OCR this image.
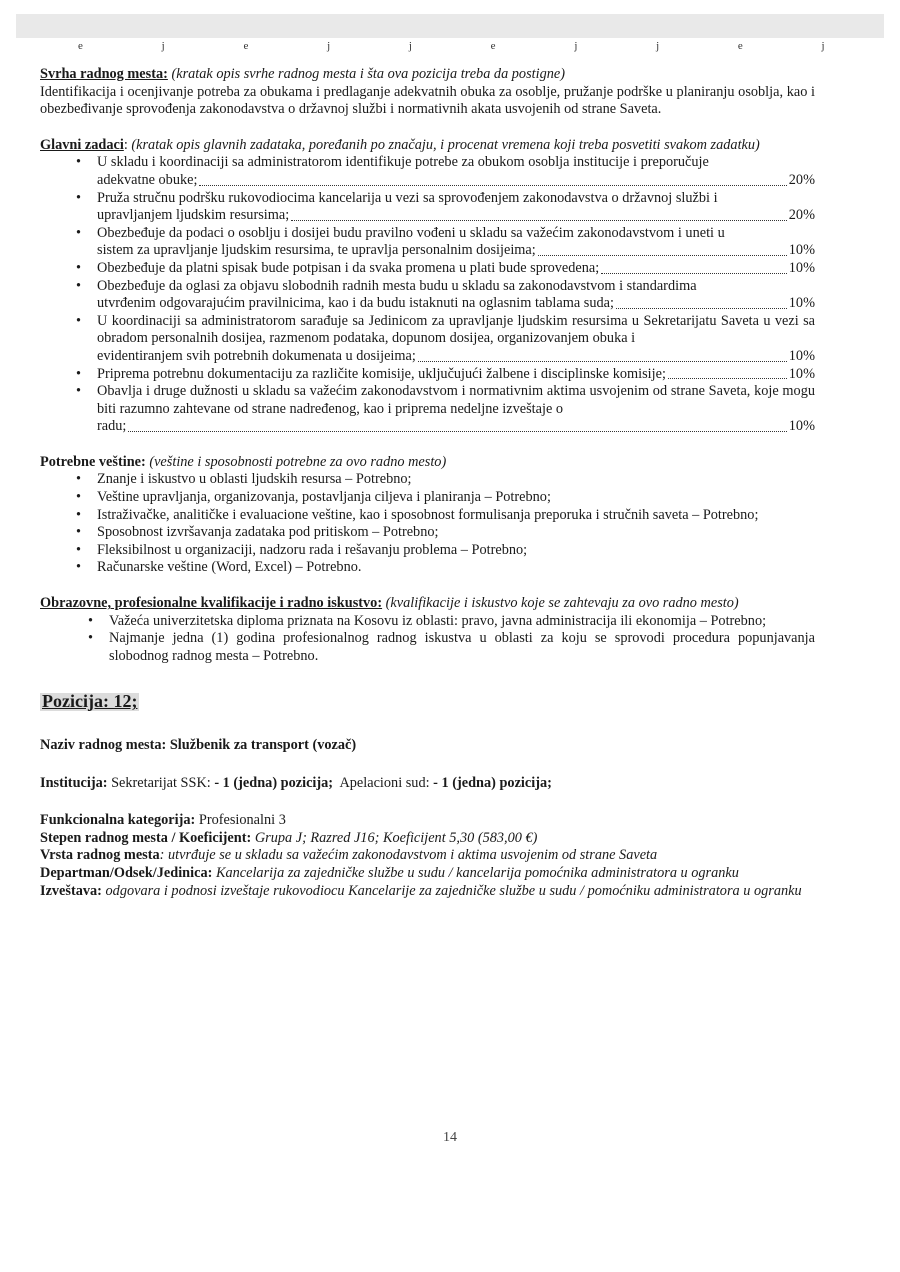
e j e j j e j j e j

Svrha radnog mesta: (kratak opis svrhe radnog mesta i šta ova pozicija treba da postigne)

Identifikacija i ocenjivanje potreba za obukama i predlaganje adekvatnih obuka za osoblje, pružanje podrške u planiranju osoblja, kao i obezbeđivanje sprovođenja zakonodavstva o državnoj službi i normativnih akata usvojenih od strane Saveta.

Glavni zadaci: (kratak opis glavnih zadataka, poređanih po značaju, i procenat vremena koji treba posvetiti svakom zadatku)

• U skladu i koordinaciji sa administratorom identifikuje potrebe za obukom osoblja institucije i preporučuje
adekvatne obuke;	20%
• Pruža stručnu podršku rukovodiocima kancelarija u vezi sa sprovođenjem zakonodavstva o državnoj službi i
upravljanjem ljudskim resursima;	20%
• Obezbeđuje da podaci o osoblju i dosijei budu pravilno vođeni u skladu sa važećim zakonodavstvom i uneti u
sistem za upravljanje ljudskim resursima, te upravlja personalnim dosijeima;	10%
• Obezbeđuje da platni spisak bude potpisan i da svaka promena u plati bude sprovedena;	10%
• Obezbeđuje da oglasi za objavu slobodnih radnih mesta budu u skladu sa zakonodavstvom i standardima
utvrđenim odgovarajućim pravilnicima, kao i da budu istaknuti na oglasnim tablama suda;	10%
• U koordinaciji sa administratorom sarađuje sa Jedinicom za upravljanje ljudskim resursima u Sekretarijatu Saveta u vezi sa obradom personalnih dosijea, razmenom podataka, dopunom dosijea, organizovanjem obuka i
evidentiranjem svih potrebnih dokumenata u dosijeima;	10%
• Priprema potrebnu dokumentaciju za različite komisije, uključujući žalbene i disciplinske komisije;	10%
• Obavlja i druge dužnosti u skladu sa važećim zakonodavstvom i normativnim aktima usvojenim od strane Saveta, koje mogu biti razumno zahtevane od strane nadređenog, kao i priprema nedeljne izveštaje o
radu;	10%

Potrebne veštine: (veštine i sposobnosti potrebne za ovo radno mesto)

• Znanje i iskustvo u oblasti ljudskih resursa – Potrebno;
• Veštine upravljanja, organizovanja, postavljanja ciljeva i planiranja – Potrebno;
• Istraživačke, analitičke i evaluacione veštine, kao i sposobnost formulisanja preporuka i stručnih saveta – Potrebno;
• Sposobnost izvršavanja zadataka pod pritiskom – Potrebno;
• Fleksibilnost u organizaciji, nadzoru rada i rešavanju problema – Potrebno;
• Računarske veštine (Word, Excel) – Potrebno.

Obrazovne, profesionalne kvalifikacije i radno iskustvo: (kvalifikacije i iskustvo koje se zahtevaju za ovo radno mesto)

• Važeća univerzitetska diploma priznata na Kosovu iz oblasti: pravo, javna administracija ili ekonomija – Potrebno;
• Najmanje jedna (1) godina profesionalnog radnog iskustva u oblasti za koju se sprovodi procedura popunjavanja slobodnog radnog mesta – Potrebno.
Pozicija: 12;

Naziv radnog mesta: Službenik za transport (vozač)

Institucija: Sekretarijat SSK: - 1 (jedna) pozicija; Apelacioni sud: - 1 (jedna) pozicija;

Funkcionalna kategorija: Profesionalni 3

Stepen radnog mesta / Koeficijent: Grupa J; Razred J16; Koeficijent 5,30 (583,00 €)

Vrsta radnog mesta: utvrđuje se u skladu sa važećim zakonodavstvom i aktima usvojenim od strane Saveta

Departman/Odsek/Jedinica: Kancelarija za zajedničke službe u sudu / kancelarija pomoćnika administratora u ogranku

Izveštava: odgovara i podnosi izveštaje rukovodiocu Kancelarije za zajedničke službe u sudu / pomoćniku administratora u ogranku

14
